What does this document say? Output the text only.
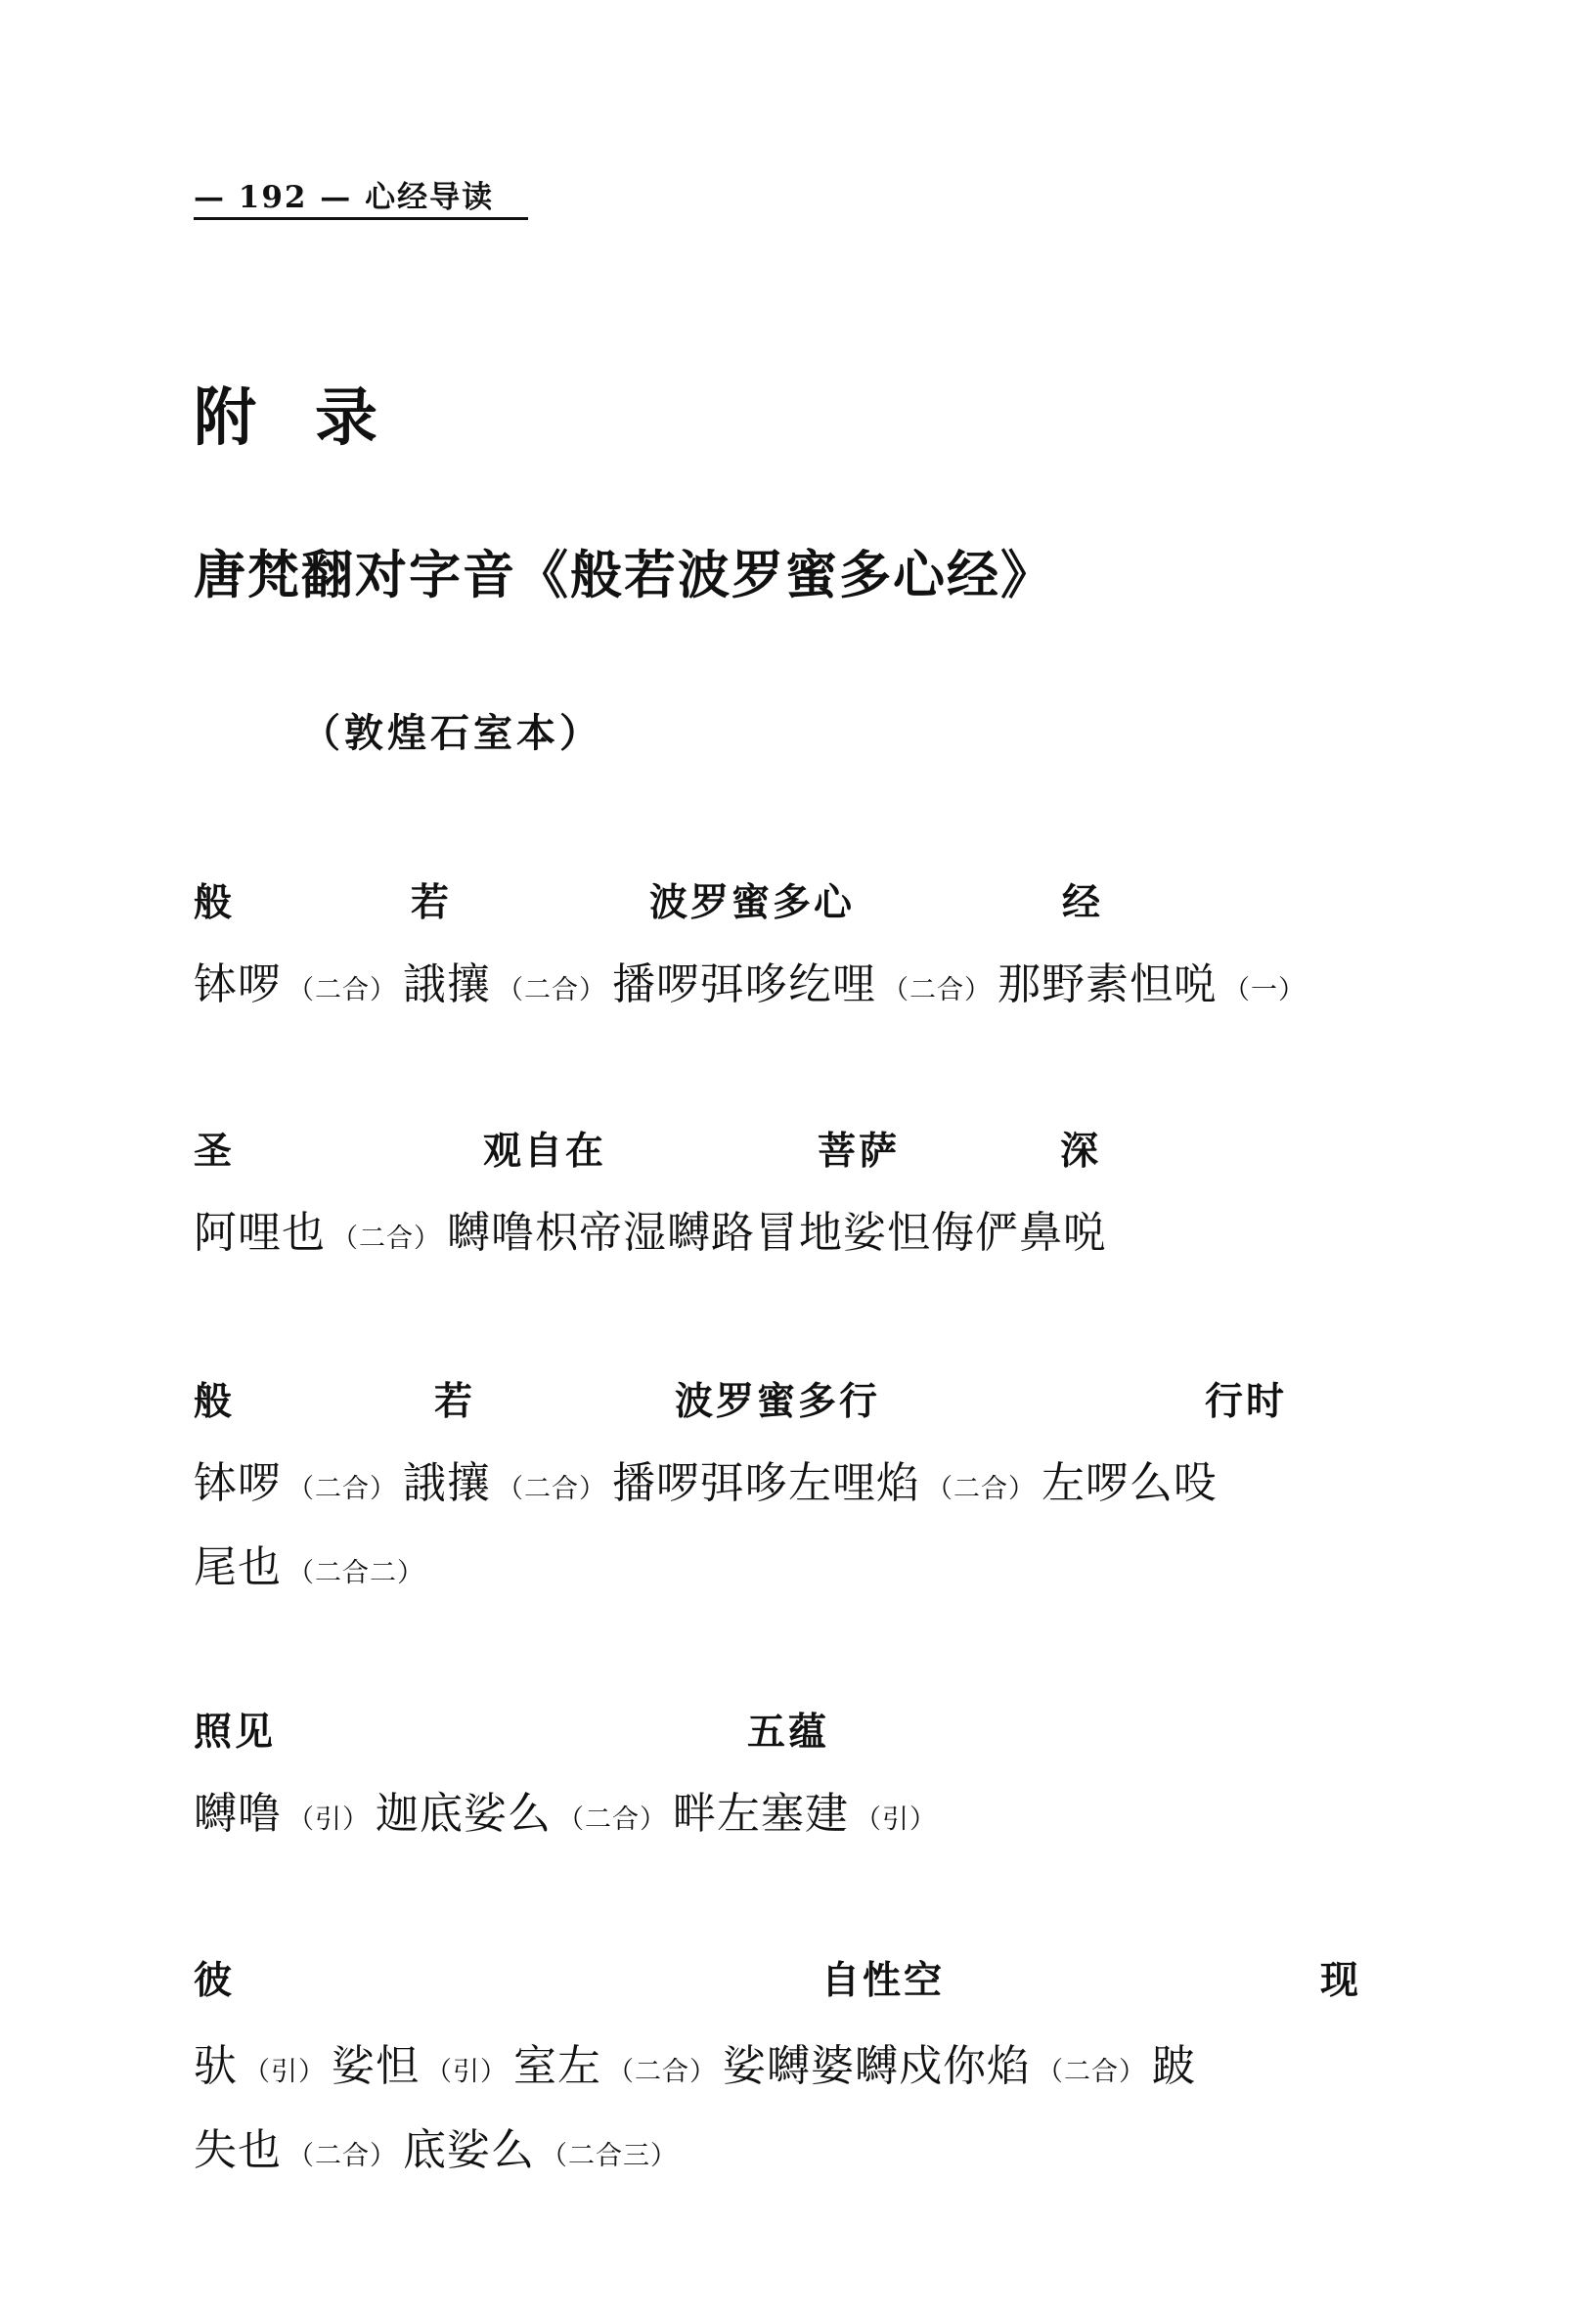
— 192 — 心经导读
附录
唐梵翻对字音《般若波罗蜜多心经》
（敦煌石室本）
般	若	波罗蜜多心	经
钵啰 （二合） 誐攘 （二合） 播啰弭哆纥哩 （二合） 那野素怛哾 （一）
圣	观自在	菩萨	深
阿哩也 （二合） 嚩噜枳帝湿嚩路冒地娑怛侮俨鼻哾
般	若	波罗蜜多行	行时
钵啰 （二合） 誐攘 （二合） 播啰弭哆左哩焰 （二合） 左啰么吺
尾也 （二合二）
照见	五蕴
嚩噜 （引） 迦底娑么 （二合） 畔左塞建 （引）
彼	自性空	现
驮 （引） 娑怛 （引） 室左 （二合） 娑嚩婆嚩戍你焰 （二合） 跛
失也 （二合） 底娑么 （二合三）
